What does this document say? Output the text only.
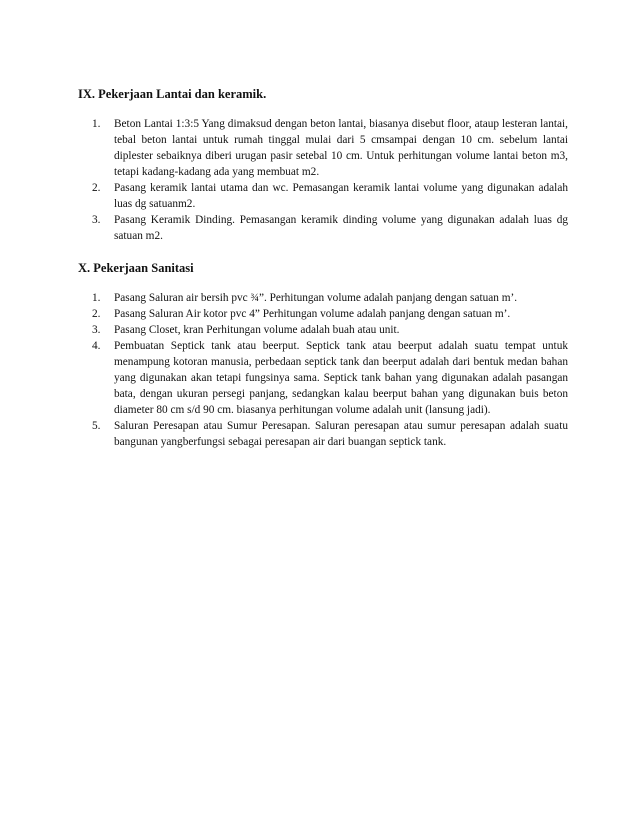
IX. Pekerjaan Lantai dan keramik.
1. Beton Lantai 1:3:5 Yang dimaksud dengan beton lantai, biasanya disebut floor, ataup lesteran lantai, tebal beton lantai untuk rumah tinggal mulai dari 5 cmsampai dengan 10 cm. sebelum lantai diplester sebaiknya diberi urugan pasir setebal 10 cm. Untuk perhitungan volume lantai beton m3, tetapi kadang-kadang ada yang membuat m2.
2. Pasang keramik lantai utama dan wc. Pemasangan keramik lantai volume yang digunakan adalah luas dg satuanm2.
3. Pasang Keramik Dinding. Pemasangan keramik dinding volume yang digunakan adalah luas dg satuan m2.
X. Pekerjaan Sanitasi
1. Pasang Saluran air bersih pvc ¾”. Perhitungan volume adalah panjang dengan satuan m’.
2. Pasang Saluran Air kotor pvc 4” Perhitungan volume adalah panjang dengan satuan m’.
3. Pasang Closet, kran Perhitungan volume adalah buah atau unit.
4. Pembuatan Septick tank atau beerput. Septick tank atau beerput adalah suatu tempat untuk menampung kotoran manusia, perbedaan septick tank dan beerput adalah dari bentuk medan bahan yang digunakan akan tetapi fungsinya sama. Septick tank bahan yang digunakan adalah pasangan bata, dengan ukuran persegi panjang, sedangkan kalau beerput bahan yang digunakan buis beton diameter 80 cm s/d 90 cm. biasanya perhitungan volume adalah unit (lansung jadi).
5. Saluran Peresapan atau Sumur Peresapan. Saluran peresapan atau sumur peresapan adalah suatu bangunan yangberfungsi sebagai peresapan air dari buangan septick tank.
